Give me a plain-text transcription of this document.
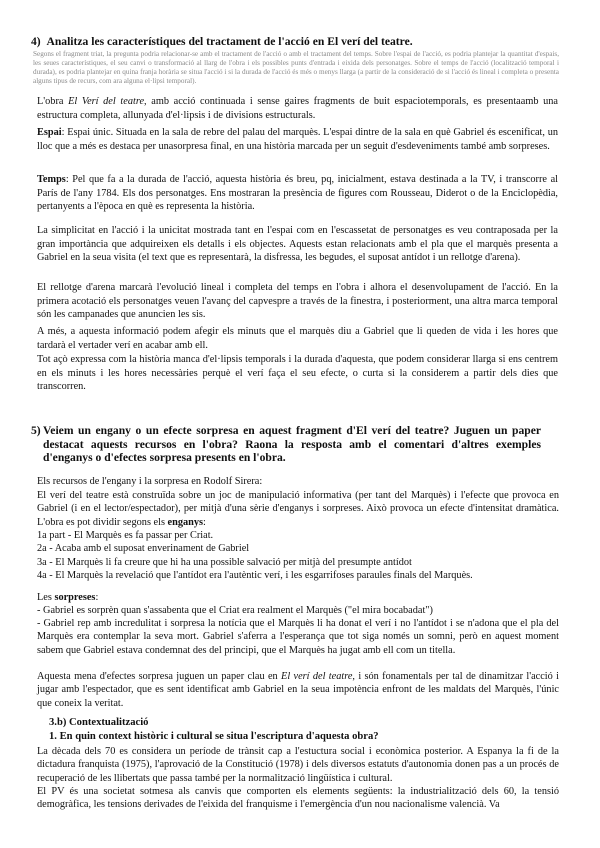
4) Analitza les característiques del tractament de l'acció en El verí del teatre.
Segons el fragment triat, la pregunta podria relacionar-se amb el tractament de l'acció o amb el tractament del temps. Sobre l'espai de l'acció, es podria plantejar la quantitat d'espais, les seues característiques, el seu canvi o transformació al llarg de l'obra i els possibles punts d'entrada i eixida dels personatges. Sobre el temps de l'acció (localització temporal i durada), es podria plantejar en quina franja horària se situa l'acció i si la durada de l'acció és més o menys llarga (a partir de la consideració de si l'acció és lineal i completa o presenta alguns tipus de recurs, com ara alguna el·lipsi temporal).

L'obra El Verí del teatre, amb acció continuada i sense gaires fragments de buit espaciotemporals, es presentaamb una estructura completa, allunyada d'el·lipsis i de divisions estructurals.

Espai: Espai únic. Situada en la sala de rebre del palau del marquès. L'espai dintre de la sala en què Gabriel és escenificat, un lloc que a més es destaca per unasorpresa final, en una història marcada per un seguit d'esdeveniments també amb sorpreses.

Temps: Pel que fa a la durada de l'acció, aquesta història és breu, pq, inicialment, estava destinada a la TV, i transcorre al París de l'any 1784. Els dos personatges. Ens mostraran la presència de figures com Rousseau, Diderot o de la Enciclopèdia, pertanyents a l'època en què es representa la història.

La simplicitat en l'acció i la unicitat mostrada tant en l'espai com en l'escassetat de personatges es veu contraposada per la gran importància que adquireixen els detalls i els objectes. Aquests estan relacionats amb el pla que el marquès presenta a Gabriel en la seua visita (el text que es representarà, la disfressa, les begudes, el suposat antídot i un rellotge d'arena).

El rellotge d'arena marcarà l'evolució lineal i completa del temps en l'obra i alhora el desenvolupament de l'acció. En la primera acotació els personatges veuen l'avanç del capvespre a través de la finestra, i posteriorment, una altra marca temporal són les campanades que anuncien les sis.

A més, a aquesta informació podem afegir els minuts que el marquès diu a Gabriel que li queden de vida i les hores que tardarà el vertader verí en acabar amb ell.

Tot açò expressa com la història manca d'el·lipsis temporals i la durada d'aquesta, que podem considerar llarga si ens centrem en els minuts i les hores necessàries perquè el verí faça el seu efecte, o curta si la considerem a partir dels dies que transcorren.

5) Veiem un engany o un efecte sorpresa en aquest fragment d'El verí del teatre? Juguen un paper destacat aquests recursos en l'obra? Raona la resposta amb el comentari d'altres exemples d'enganys o d'efectes sorpresa presents en l'obra.
Els recursos de l'engany i la sorpresa en Rodolf Sirera:

El verí del teatre està construïda sobre un joc de manipulació informativa (per tant del Marquès) i l'efecte que provoca en Gabriel (i en el lector/espectador), per mitjà d'una sèrie d'enganys i sorpreses. Això provoca un efecte d'intensitat dramàtica. L'obra es pot dividir segons els enganys:

1a part - El Marquès es fa passar per Criat.
2a - Acaba amb el suposat enverinament de Gabriel
3a - El Marquès li fa creure que hi ha una possible salvació per mitjà del presumpte antídot
4a - El Marquès la revelació que l'antídot era l'autèntic verí, i les esgarrifoses paraules finals del Marquès.
Les sorpreses:
- Gabriel es sorprèn quan s'assabenta que el Criat era realment el Marquès ("el mira bocabadat")

- Gabriel rep amb incredulitat i sorpresa la notícia que el Marquès li ha donat el verí i no l'antídot i se n'adona que el pla del Marquès era contemplar la seva mort. Gabriel s'aferra a l'esperança que tot siga només un somni, però en aquest moment sabem que Gabriel estava condemnat des del principi, que el Marquès ha jugat amb ell com un titella.

Aquesta mena d'efectes sorpresa juguen un paper clau en El verí del teatre, i són fonamentals per tal de dinamitzar l'acció i jugar amb l'espectador, que es sent identificat amb Gabriel en la seua impotència enfront de les maldats del Marquès, l'únic que coneix la veritat.

3.b) Contextualització
1. En quin context històric i cultural se situa l'escriptura d'aquesta obra?

La dècada dels 70 es considera un període de trànsit cap a l'estuctura social i econòmica posterior. A Espanya la fi de la dictadura franquista (1975), l'aprovació de la Constitució (1978) i dels diversos estatuts d'autonomia donen pas a un procés de recuperació de les llibertats que passa també per la normalització lingüística i cultural.

El PV és una societat sotmesa als canvis que comporten els elements següents: la industrialització dels 60, la tensió demogràfica, les tensions derivades de l'eixida del franquisme i l'emergència d'un nou nacionalisme valencià. Va
